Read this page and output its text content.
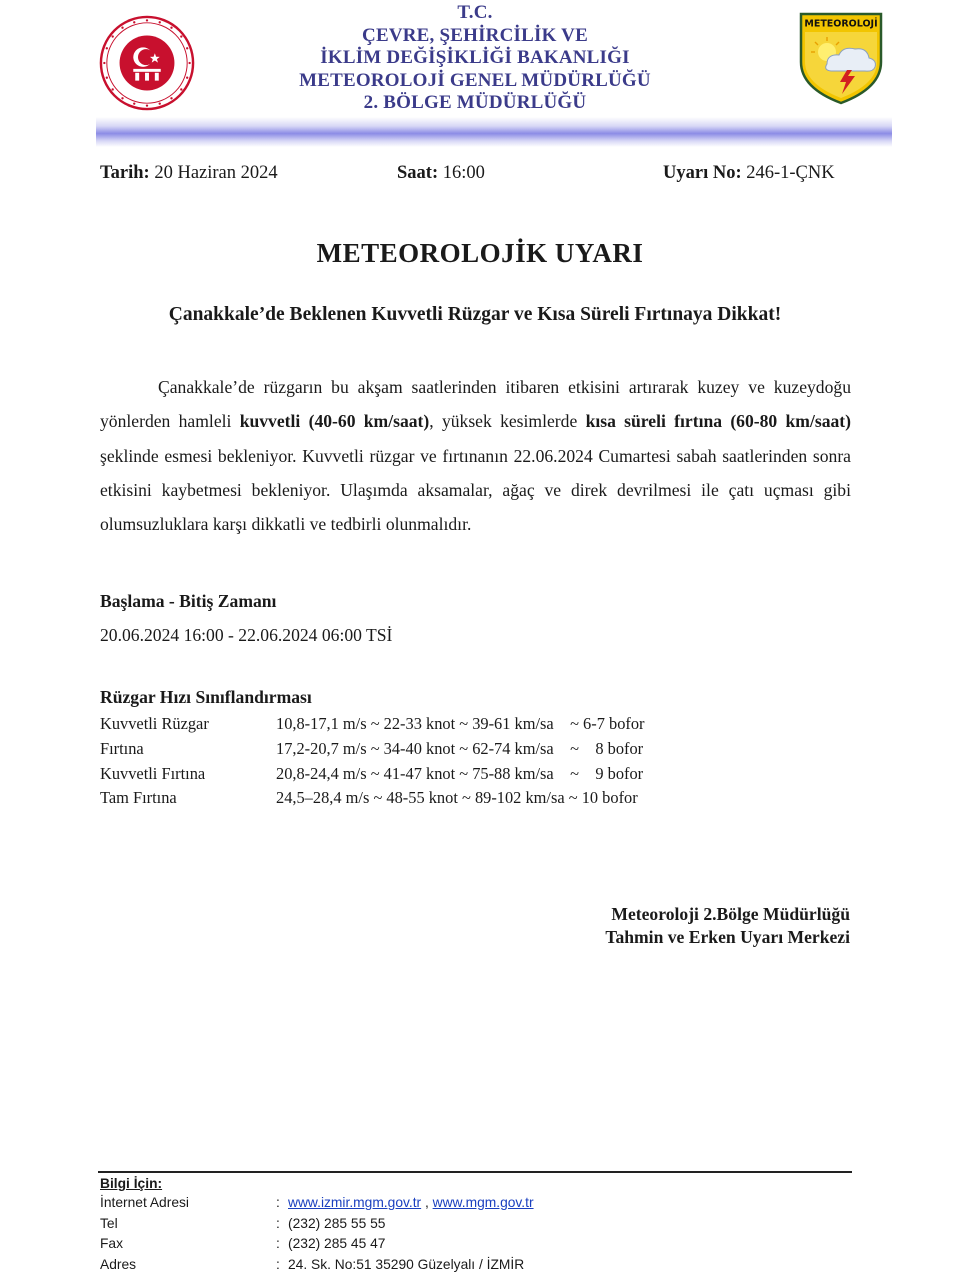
T.C.
ÇEVRE, ŞEHİRCİLİK VE
İKLİM DEĞİŞİKLİĞİ BAKANLIĞI
METEOROLOJİ GENEL MÜDÜRLÜĞÜ
2. BÖLGE MÜDÜRLÜĞÜ
METEOROLOJİ
Tarih: 20 Haziran 2024	Saat: 16:00	Uyarı No: 246-1-ÇNK
METEOROLOJİK UYARI
Çanakkale’de Beklenen Kuvvetli Rüzgar ve Kısa Süreli Fırtınaya Dikkat!
Çanakkale’de rüzgarın bu akşam saatlerinden itibaren etkisini artırarak kuzey ve kuzeydoğu yönlerden hamleli kuvvetli (40-60 km/saat), yüksek kesimlerde kısa süreli fırtına (60-80 km/saat) şeklinde esmesi bekleniyor. Kuvvetli rüzgar ve fırtınanın 22.06.2024 Cumartesi sabah saatlerinden sonra etkisini kaybetmesi bekleniyor. Ulaşımda aksamalar, ağaç ve direk devrilmesi ile çatı uçması gibi olumsuzluklara karşı dikkatli ve tedbirli olunmalıdır.
Başlama - Bitiş Zamanı
20.06.2024 16:00 - 22.06.2024 06:00 TSİ
Rüzgar Hızı Sınıflandırması
Kuvvetli Rüzgar	10,8-17,1 m/s ~ 22-33 knot ~ 39-61 km/sa    ~ 6-7 bofor
Fırtına	17,2-20,7 m/s ~ 34-40 knot ~ 62-74 km/sa    ~    8 bofor
Kuvvetli Fırtına	20,8-24,4 m/s ~ 41-47 knot ~ 75-88 km/sa    ~    9 bofor
Tam Fırtına	24,5–28,4 m/s ~ 48-55 knot ~ 89-102 km/sa ~ 10 bofor
Meteoroloji 2.Bölge Müdürlüğü
Tahmin ve Erken Uyarı Merkezi
Bilgi İçin:
İnternet Adresi	: www.izmir.mgm.gov.tr , www.mgm.gov.tr
Tel	: (232) 285 55 55
Fax	: (232) 285 45 47
Adres	: 24. Sk. No:51 35290 Güzelyalı / İZMİR
